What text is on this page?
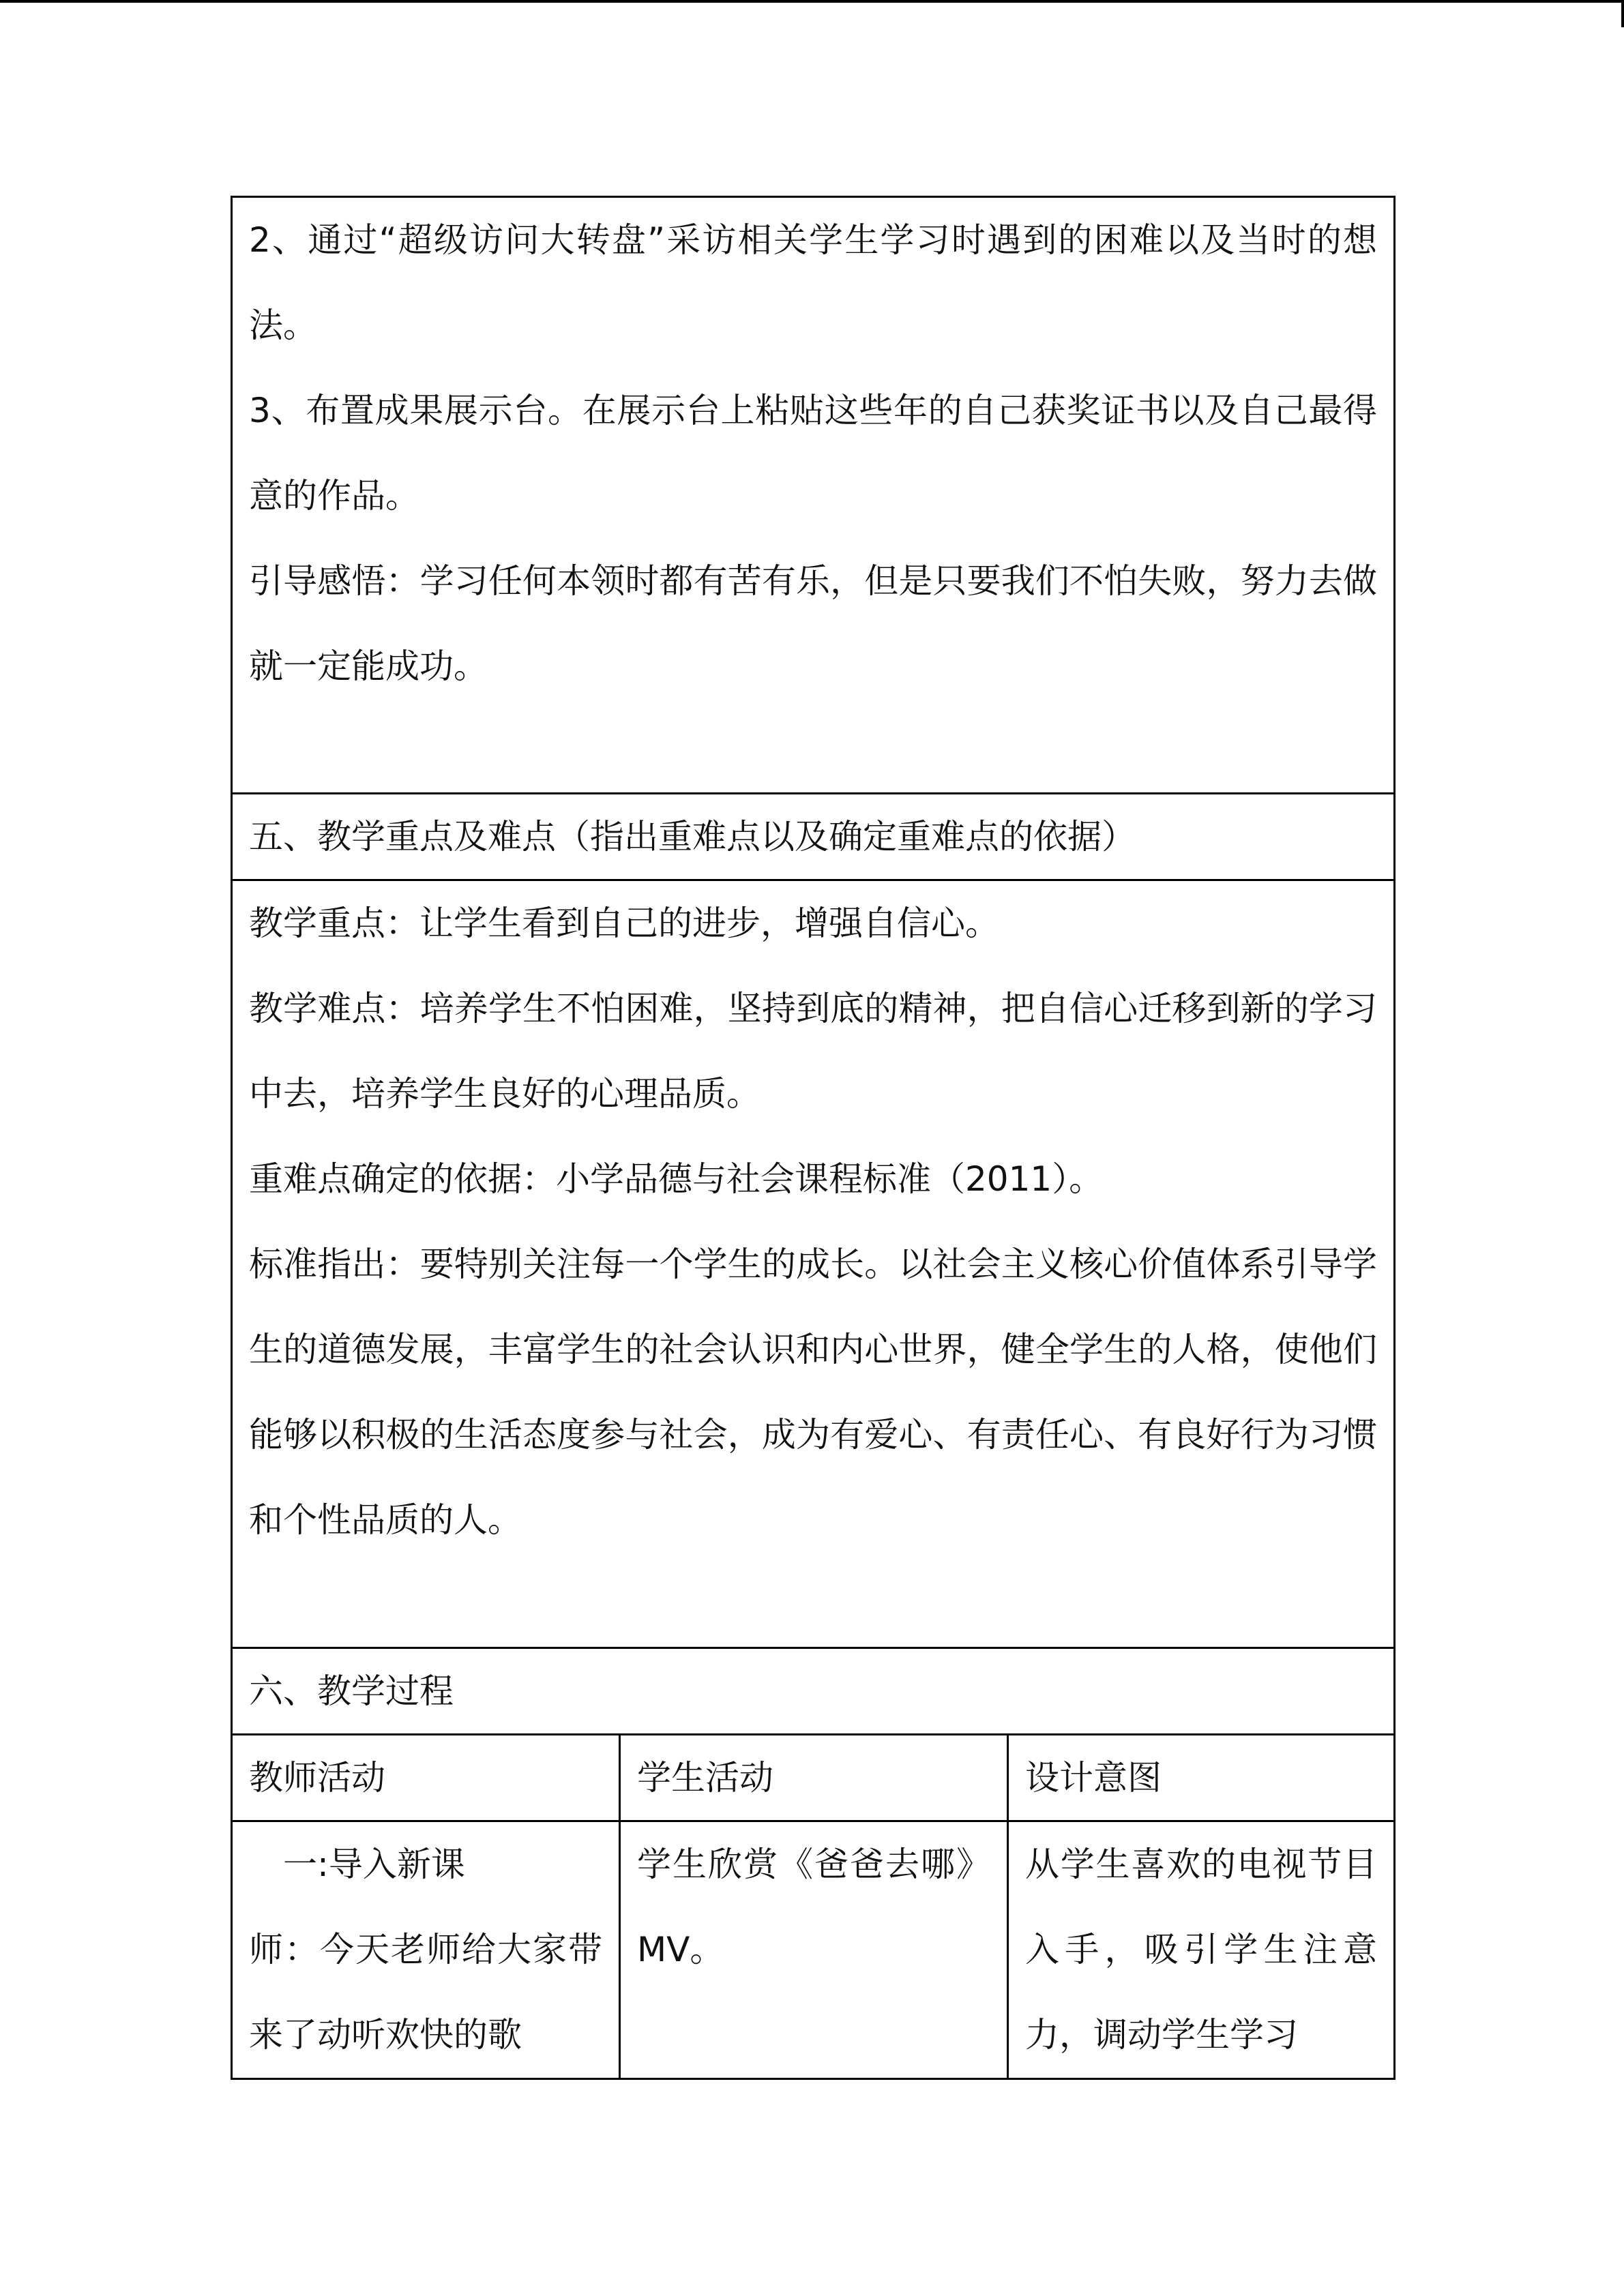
2、通过“超级访问大转盘”采访相关学生学习时遇到的困难以及当时的想法。
3、布置成果展示台。在展示台上粘贴这些年的自己获奖证书以及自己最得意的作品。
引导感悟：学习任何本领时都有苦有乐，但是只要我们不怕失败，努力去做就一定能成功。		

五、教学重点及难点（指出重难点以及确定重难点的依据）		

教学重点：让学生看到自己的进步，增强自信心。
教学难点：培养学生不怕困难，坚持到底的精神，把自信心迁移到新的学习中去，培养学生良好的心理品质。
重难点确定的依据：小学品德与社会课程标准（2011）。
标准指出：要特别关注每一个学生的成长。以社会主义核心价值体系引导学生的道德发展，丰富学生的社会认识和内心世界，健全学生的人格，使他们能够以积极的生活态度参与社会，成为有爱心、有责任心、有良好行为习惯和个性品质的人。		

六、教学过程		
教师活动	学生活动	设计意图

一:导入新课
师：今天老师给大家带来了动听欢快的歌	学生欣赏《爸爸去哪》MV。	从学生喜欢的电视节目入手，吸引学生注意力，调动学生学习
